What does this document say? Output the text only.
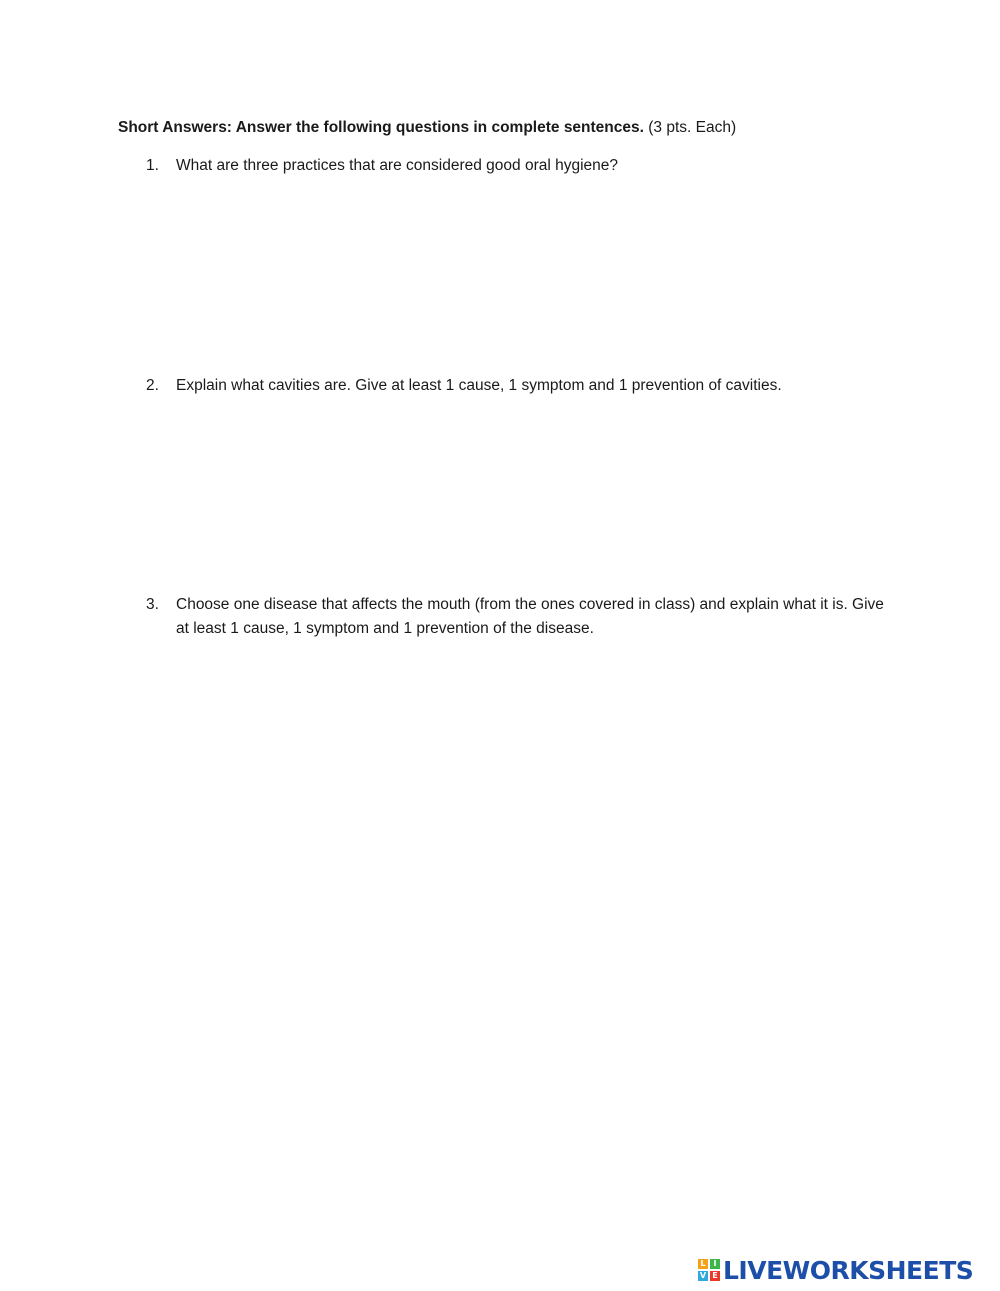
Short Answers: Answer the following questions in complete sentences. (3 pts. Each)
1. What are three practices that are considered good oral hygiene?
2. Explain what cavities are. Give at least 1 cause, 1 symptom and 1 prevention of cavities.
3. Choose one disease that affects the mouth (from the ones covered in class) and explain what it is. Give at least 1 cause, 1 symptom and 1 prevention of the disease.
L I
V E LIVEWORKSHEETS
